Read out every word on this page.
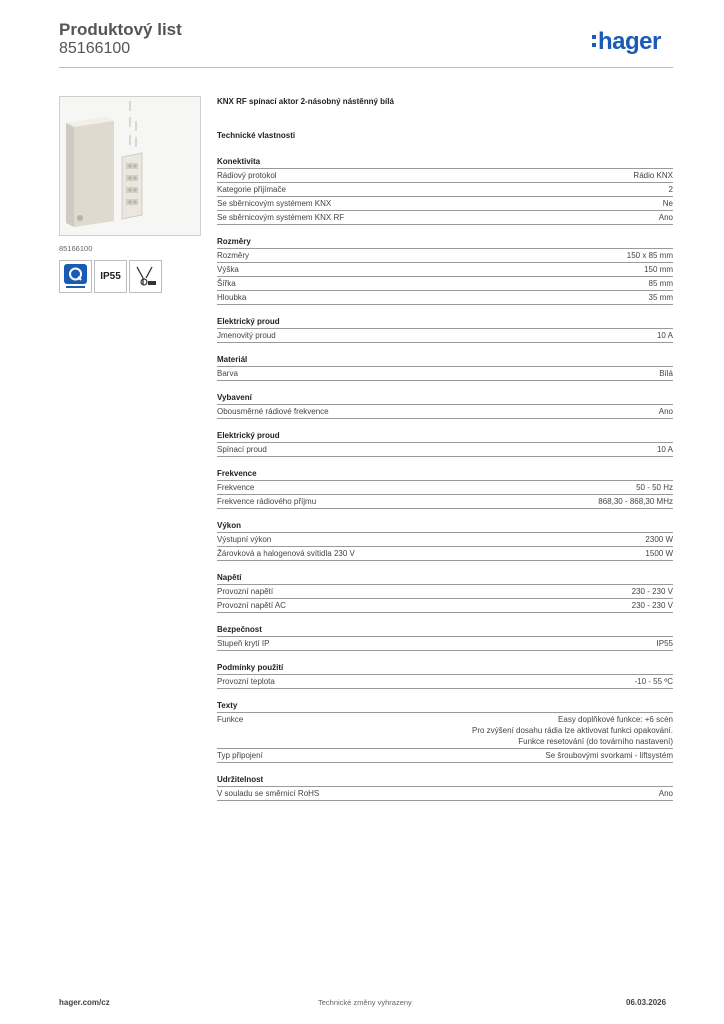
Produktový list
85166100	hager
85166100
IP55
KNX RF spínací aktor 2-násobný nástěnný bílá
Technické vlastnosti
Konektivita
Rádiový protokol	Rádio KNX
Kategorie přijímače	2
Se sběrnicovým systémem KNX	Ne
Se sběrnicovým systémem KNX RF	Ano
Rozměry
Rozměry	150 x 85 mm
Výška	150 mm
Šířka	85 mm
Hloubka	35 mm
Elektrický proud
Jmenovitý proud	10 A
Materiál
Barva	Bílá
Vybavení
Obousměrné rádiové frekvence	Ano
Elektrický proud
Spínací proud	10 A
Frekvence
Frekvence	50 - 50 Hz
Frekvence rádiového příjmu	868,30 - 868,30 MHz
Výkon
Výstupní výkon	2300 W
Žárovková a halogenová svítidla 230 V	1500 W
Napětí
Provozní napětí	230 - 230 V
Provozní napětí AC	230 - 230 V
Bezpečnost
Stupeň krytí IP	IP55
Podmínky použití
Provozní teplota	-10 - 55 ºC
Texty
Funkce	Easy doplňkové funkce: +6 scén
Pro zvýšení dosahu rádia lze aktivovat funkci opakování.
Funkce resetování (do továrního nastavení)
Typ připojení	Se šroubovými svorkami - liftsystém
Udržitelnost
V souladu se směrnicí RoHS	Ano
hager.com/cz	Technické změny vyhrazeny	06.03.2026
